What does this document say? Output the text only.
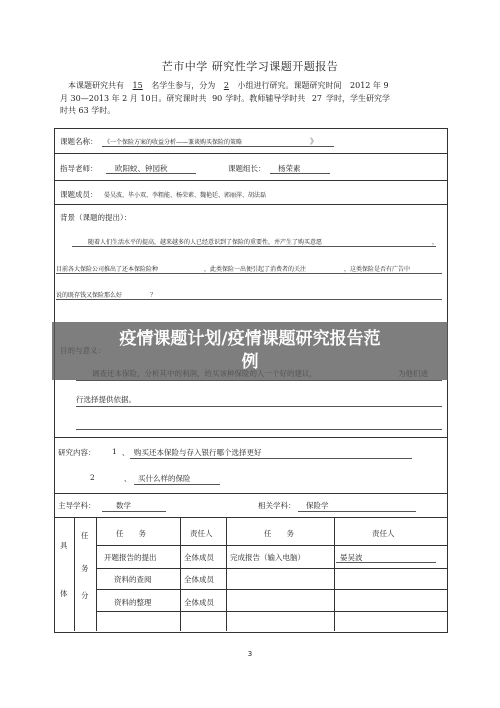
芒市中学 研究性学习课题开题报告
本课题研究共有 15 名学生参与，分为 2 小组进行研究。课题研究时间 2012 年 9
月 30—2013 年 2 月 10日。研究课时共 90 学时。教师辅导学时共 27 学时，学生研究学
时共 63 学时。
课题名称： 《一个保险方案的收益分析——兼谈购买保险的策略	》
指导老师： 欧阳蛟、钟园秋	课题组长： 杨荣素
课题成员： 晏吴波、毕小双、李粗能、杨荣素、魏艳廷、郭丽萍、胡法磊
背景（课题的提出）：
随着人们生活水平的提高，越来越多的人已经意识到了保险的重要性，并产生了购买意愿	，
目前各大保险公司推出了还本保险险种	，此类保险一出便引起了消费者的关注	，这类保险是否有广告中
说的既存钱又保险那么好	？
行选择提供依据。
研究内容： 1 、 购买还本保险与存入银行哪个选择更好
2	、 买什么样的保险
主导学科：	数学	相关学科： 保险学
具
体
任
务
分
任　　务	责任人	任　　务	责任人
开题报告的提出	全体成员 完成报告（输入电脑）	晏吴波
资料的查阅	全体成员
资料的整理	全体成员
疫情课题计划/疫情课题研究报告范
例
3
